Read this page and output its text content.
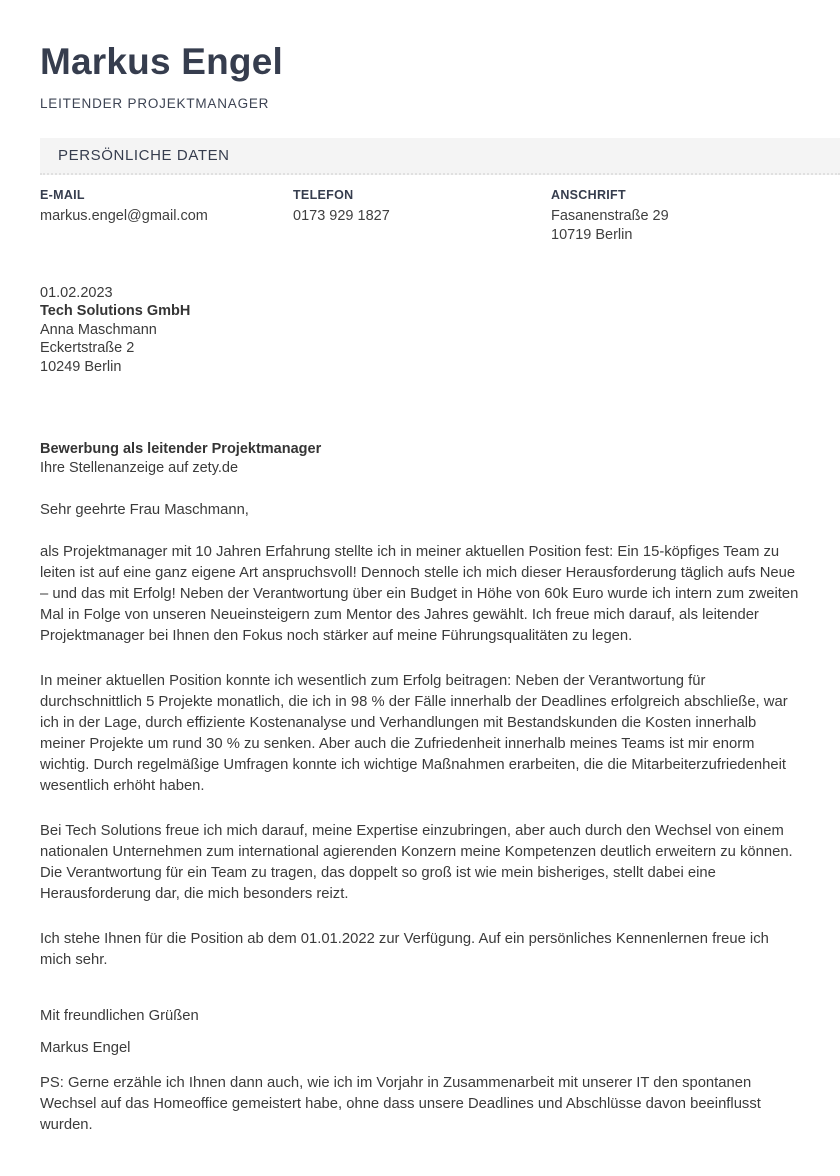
Markus Engel
LEITENDER PROJEKTMANAGER
PERSÖNLICHE DATEN
E-MAIL
markus.engel@gmail.com
TELEFON
0173 929 1827
ANSCHRIFT
Fasanenstraße 29
10719 Berlin
01.02.2023
Tech Solutions GmbH
Anna Maschmann
Eckertstraße 2
10249 Berlin
Bewerbung als leitender Projektmanager
Ihre Stellenanzeige auf zety.de
Sehr geehrte Frau Maschmann,

als Projektmanager mit 10 Jahren Erfahrung stellte ich in meiner aktuellen Position fest: Ein 15-köpfiges Team zu leiten ist auf eine ganz eigene Art anspruchsvoll! Dennoch stelle ich mich dieser Herausforderung täglich aufs Neue – und das mit Erfolg! Neben der Verantwortung über ein Budget in Höhe von 60k Euro wurde ich intern zum zweiten Mal in Folge von unseren Neueinsteigern zum Mentor des Jahres gewählt. Ich freue mich darauf, als leitender Projektmanager bei Ihnen den Fokus noch stärker auf meine Führungsqualitäten zu legen.

In meiner aktuellen Position konnte ich wesentlich zum Erfolg beitragen: Neben der Verantwortung für durchschnittlich 5 Projekte monatlich, die ich in 98 % der Fälle innerhalb der Deadlines erfolgreich abschließe, war ich in der Lage, durch effiziente Kostenanalyse und Verhandlungen mit Bestandskunden die Kosten innerhalb meiner Projekte um rund 30 % zu senken. Aber auch die Zufriedenheit innerhalb meines Teams ist mir enorm wichtig. Durch regelmäßige Umfragen konnte ich wichtige Maßnahmen erarbeiten, die die Mitarbeiterzufriedenheit wesentlich erhöht haben.

Bei Tech Solutions freue ich mich darauf, meine Expertise einzubringen, aber auch durch den Wechsel von einem nationalen Unternehmen zum international agierenden Konzern meine Kompetenzen deutlich erweitern zu können. Die Verantwortung für ein Team zu tragen, das doppelt so groß ist wie mein bisheriges, stellt dabei eine Herausforderung dar, die mich besonders reizt.

Ich stehe Ihnen für die Position ab dem 01.01.2022 zur Verfügung. Auf ein persönliches Kennenlernen freue ich mich sehr.

Mit freundlichen Grüßen
Markus Engel
PS: Gerne erzähle ich Ihnen dann auch, wie ich im Vorjahr in Zusammenarbeit mit unserer IT den spontanen Wechsel auf das Homeoffice gemeistert habe, ohne dass unsere Deadlines und Abschlüsse davon beeinflusst wurden.
